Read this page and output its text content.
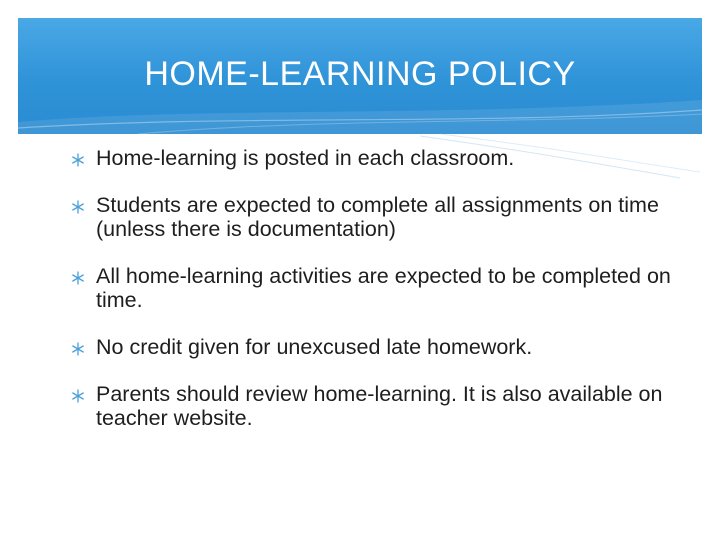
HOME-LEARNING POLICY
Home-learning is posted in each classroom.
Students are expected to complete all assignments on time (unless there is documentation)
All home-learning activities are expected to be completed on time.
No credit given for unexcused late homework.
Parents should review home-learning. It is also available on teacher website.
